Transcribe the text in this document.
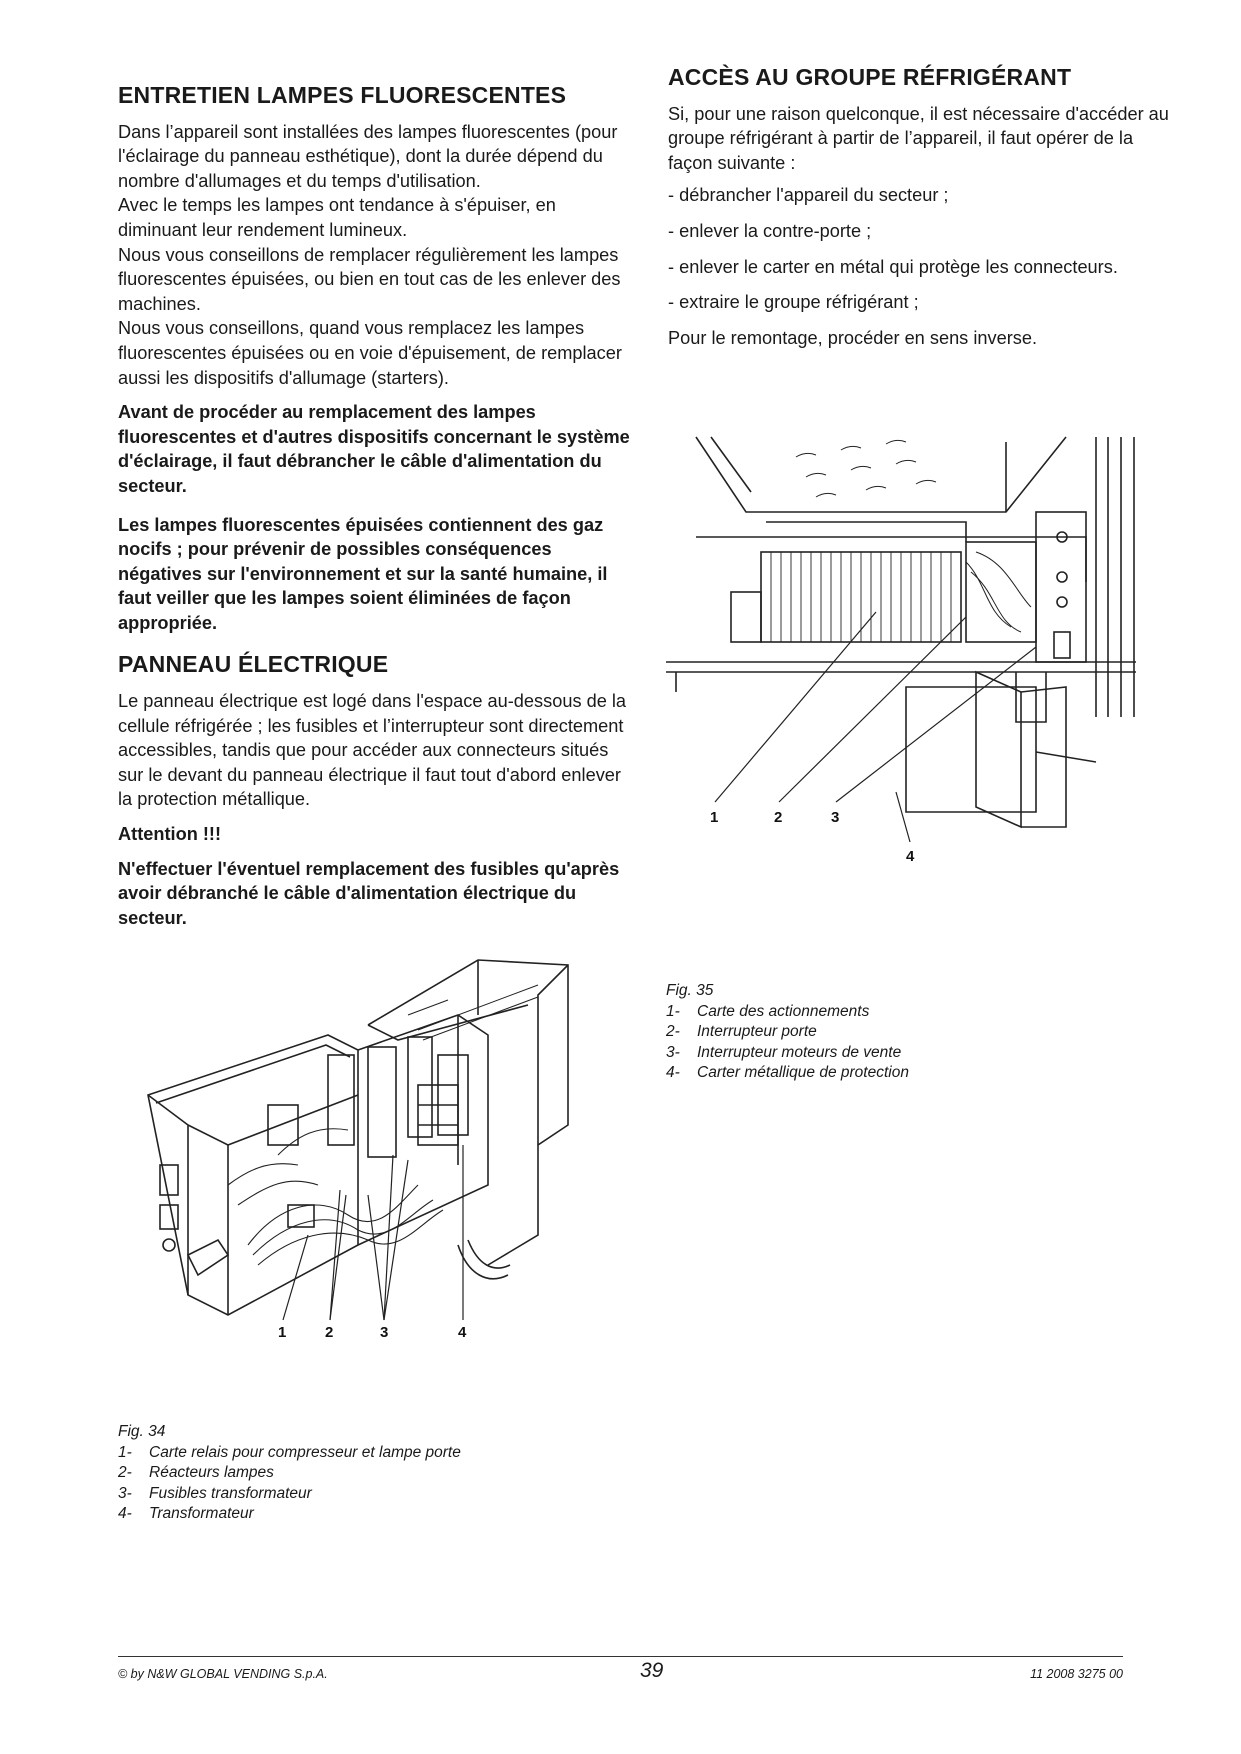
ENTRETIEN LAMPES FLUORESCENTES

Dans l’appareil sont installées des lampes fluorescentes (pour l'éclairage du panneau esthétique), dont la durée dépend du nombre d'allumages et du temps d'utilisation.

Avec le temps les lampes ont tendance à s'épuiser, en diminuant leur rendement lumineux.

Nous vous conseillons de remplacer régulièrement les lampes fluorescentes épuisées, ou bien en tout cas de les enlever des machines.

Nous vous conseillons, quand vous remplacez les lampes fluorescentes épuisées ou en voie d'épuisement, de remplacer aussi les dispositifs d'allumage (starters).

Avant de procéder au remplacement des lampes fluorescentes et d'autres dispositifs concernant le système d'éclairage, il faut débrancher le câble d'alimentation du secteur.

Les lampes fluorescentes épuisées contiennent des gaz nocifs ; pour prévenir de possibles conséquences négatives sur l'environnement et sur la santé humaine, il faut veiller que les lampes soient éliminées de façon appropriée.

PANNEAU ÉLECTRIQUE

Le panneau électrique est logé dans l'espace au-dessous de la cellule réfrigérée ; les fusibles et l’interrupteur sont directement accessibles, tandis que pour accéder aux connecteurs situés sur le devant du panneau électrique il faut tout d'abord enlever la protection métallique.

Attention !!!

N'effectuer l'éventuel remplacement des fusibles qu'après avoir débranché le câble d'alimentation électrique du secteur.

ACCÈS AU GROUPE RÉFRIGÉRANT

Si, pour une raison quelconque, il est nécessaire d'accéder au groupe réfrigérant à partir de l’appareil, il faut opérer de la façon suivante :

- débrancher l'appareil du secteur ;

- enlever la contre-porte ;

- enlever le carter en métal qui protège les connecteurs.

- extraire le groupe réfrigérant ;

Pour le remontage, procéder en sens inverse.

1	2	3	4
Fig. 34
1-	Carte relais pour compresseur et lampe porte
2-	Réacteurs lampes
3-	Fusibles transformateur
4-	Transformateur
1	2	3
4
Fig. 35
1-	Carte des actionnements
2-	Interrupteur porte
3-	Interrupteur moteurs de vente
4-	Carter métallique de protection
© by N&W GLOBAL VENDING S.p.A.	39	11 2008 3275 00
